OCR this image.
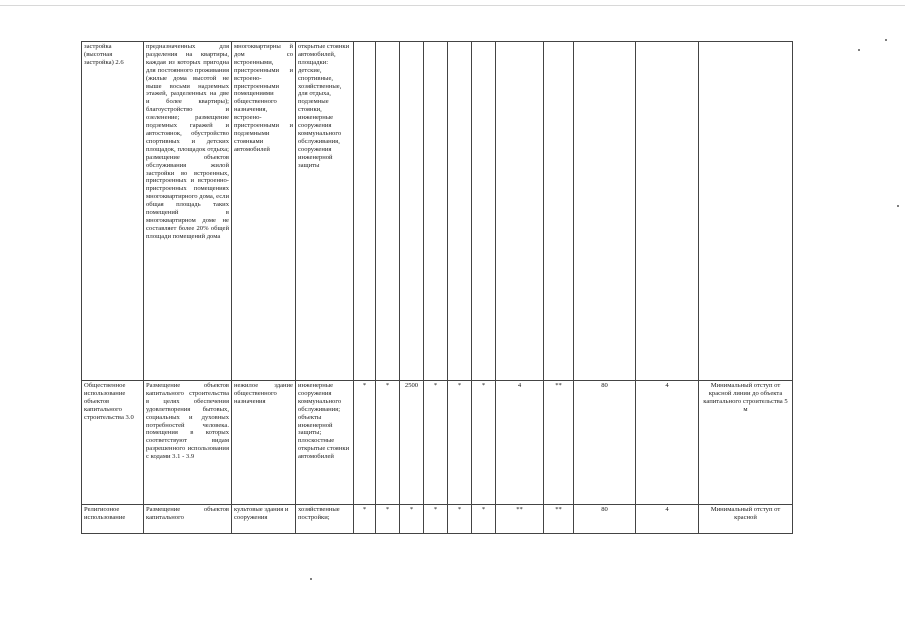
застройка (высотная застройка) 2.6	предназначенных для разделения на квартиры, каждая из которых пригодна для постоянного проживания (жилые дома высотой не выше восьми надземных этажей, разделенных на две и более квартиры); благоустройство и озеленение; размещение подземных гаражей и автостоянок, обустройство спортивных и детских площадок, площадок отдыха; размещение объектов обслуживания жилой застройки во встроенных, пристроенных и встроенно-пристроенных помещениях многоквартирного дома, если общая площадь таких помещений в многоквартирном доме не составляет более 20% общей площади помещений дома	многоквартирны й дом со встроенными, пристроенными и встроено-пристроенными помещениями общественного назначения, встроено-пристроенными и подземными стоянками автомобилей	открытые стоянки автомобилей, площадки: детские, спортивные, хозяйственные, для отдыха, подземные стоянки, инженерные сооружения коммунального обслуживания, сооружения инженерной защиты											
Общественное использование объектов капитального строительства 3.0	Размещение объектов капитального строительства в целях обеспечения удовлетворения бытовых, социальных и духовных потребностей человека. помещения в которых соответствуют видам разрешенного использования с кодами 3.1 - 3.9	нежилое здание общественного назначения	инженерные сооружения коммунального обслуживания; объекты инженерной защиты; плоскостные открытые стоянки автомобилей	*	*	2500	*	*	*	4	**	80	4	Минимальный отступ от красной линии до объекта капитального строительства 5 м
Религиозное использование	Размещение объектов капитального	культовые здания и сооружения	хозяйственные постройки;	*	*	*	*	*	*	**	**	80	4	Минимальный отступ от красной
